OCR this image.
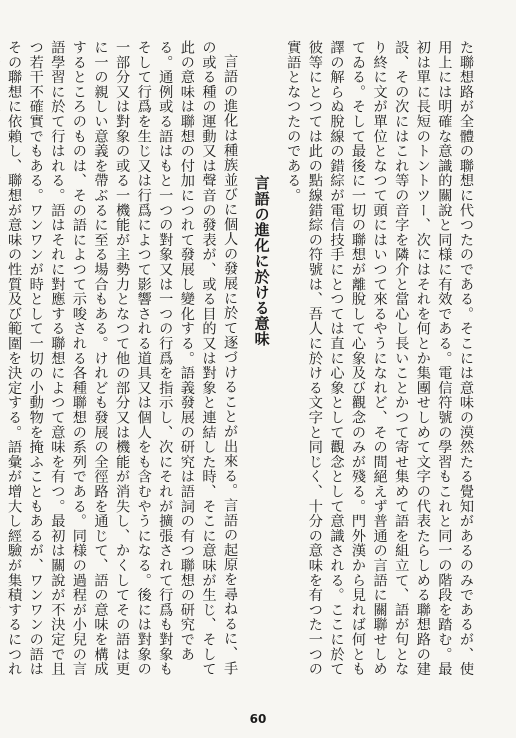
た聯想路が全體の聯想に代つたのである。そこには意味の漠然たる覺知があるのみであるが、使用上には明確な意識的關說と同様に有效である。電信符號の學習もこれと同一の階段を踏む。最初は單に長短のトントツー、次にはそれを何とか集團せしめて文字の代表たらしめる聯想路の建設、その次にはこれ等の音字を隣介と當心し長いことかつて寄せ集めて語を組立て、語が句となり終に文が單位となつて頭にはいつて來るやうになれど、その間絕えず普通の言語に關聯せしめてゐる。そして最後に一切の聯想が離脫して心象及び觀念のみが殘る。門外漢から見れば何とも譯の解らぬ脫線の錯綜が電信技手にとつては直に心象として觀念として意識される。ここに於て彼等にとつては此の點線錯綜の符號は、吾人に於ける文字と同じく、十分の意味を有つた一つの實語となつたのである。

言語の進化に於ける意味

言語の進化は種族並びに個人の發展に於て逐づけることが出來る。言語の起原を尋ねるに、手の或る種の運動又は聲音の發表が、或る目的又は對象と連結した時、そこに意味が生じ、そして此の意味は聯想の付加につれて發展し變化する。語義發展の研究は語詞の有つ聯想の研究である。通例或る語はもと一つの對象又は一つの行爲を指示し、次にそれが擴張されて行爲も對象もそして行爲を生じ又は行爲によつて影響される道具又は個人をも含むやうになる。後には對象の一部分又は對象の或る一機能が主勢力となつて他の部分又は機能が消失し、かくしてその語は更に一の親しい意義を帶ぶるに至る場合もある。けれども發展の全徑路を通じて、語の意味を構成するところのものは、その語によつて示唆される各種聯想の系列である。同様の過程が小兒の言語學習に於て行はれる。語はそれに對應する聯想によつて意味を有つ。最初は關說が不決定で且つ若干不確實でもある。ワンワンが時として一切の小動物を掩ふこともあるが、ワンワンの語はその聯想に依賴し、聯想が意味の性質及び範圍を決定する。語彙が增大し經驗が集積するにつれ

60
